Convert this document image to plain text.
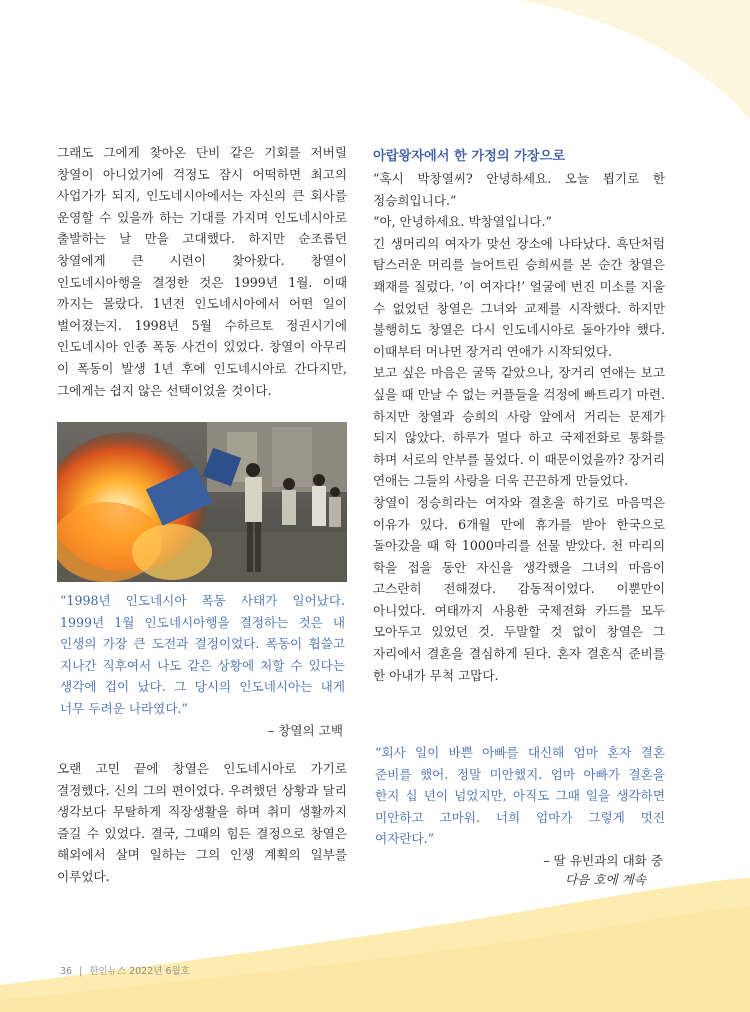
그래도 그에게 찾아온 단비 같은 기회를 저버릴 창열이 아니었기에 걱정도 잠시 어떡하면 최고의 사업가가 되지, 인도네시아에서는 자신의 큰 회사를 운영할 수 있을까 하는 기대를 가지며 인도네시아로 출발하는 날 만을 고대했다. 하지만 순조롭던 창열에게 큰 시련이 찾아왔다. 창열이 인도네시아행을 결정한 것은 1999년 1월. 이때 까지는 몰랐다. 1년전 인도네시아에서 어떤 일이 벌어졌는지. 1998년 5월 수하르토 정권시기에 인도네시아 인종 폭동 사건이 있었다. 창열이 아무리 이 폭동이 발생 1년 후에 인도네시아로 간다지만, 그에게는 쉽지 않은 선택이었을 것이다.

“1998년 인도네시아 폭동 사태가 일어났다. 1999년 1월 인도네시아행을 결정하는 것은 내 인생의 가장 큰 도전과 결정이었다. 폭동이 휩쓸고 지나간 직후여서 나도 같은 상황에 처할 수 있다는 생각에 겁이 났다. 그 당시의 인도네시아는 내게 너무 두려운 나라였다.”

– 창열의 고백

오랜 고민 끝에 창열은 인도네시아로 가기로 결정했다. 신의 그의 편이었다. 우려했던 상황과 달리 생각보다 무탈하게 직장생활을 하며 취미 생활까지 즐길 수 있었다. 결국, 그때의 힘든 결정으로 창열은 해외에서 살며 일하는 그의 인생 계획의 일부를 이루었다.

아랍왕자에서 한 가정의 가장으로

“혹시 박창열씨? 안녕하세요. 오늘 뵙기로 한 정승희입니다.”

“아, 안녕하세요. 박창열입니다.”

긴 생머리의 여자가 맞선 장소에 나타났다. 흑단처럼 탐스러운 머리를 늘어트린 승희씨를 본 순간 창열은 꽤재를 질렀다. ‘이 여자다!’ 얼굴에 번진 미소를 지울 수 없었던 창열은 그녀와 교제를 시작했다. 하지만 불행히도 창열은 다시 인도네시아로 돌아가야 했다. 이때부터 머나먼 장거리 연애가 시작되었다.

보고 싶은 마음은 굴뚝 같았으나, 장거리 연애는 보고 싶을 때 만날 수 없는 커플들을 걱정에 빠트리기 마련. 하지만 창열과 승희의 사랑 앞에서 거리는 문제가 되지 않았다. 하루가 멀다 하고 국제전화로 통화를 하며 서로의 안부를 물었다. 이 때문이었을까? 장거리 연애는 그들의 사랑을 더욱 끈끈하게 만들었다.

창열이 정승희라는 여자와 결혼을 하기로 마음먹은 이유가 있다. 6개월 만에 휴가를 받아 한국으로 돌아갔을 때 학 1000마리를 선물 받았다. 천 마리의 학을 접을 동안 자신을 생각했을 그녀의 마음이 고스란히 전해졌다. 감동적이었다. 이뿐만이 아니었다. 여태까지 사용한 국제전화 카드를 모두 모아두고 있었던 것. 두말할 것 없이 창열은 그 자리에서 결혼을 결심하게 된다. 혼자 결혼식 준비를 한 아내가 무척 고맙다.

“회사 일이 바쁜 아빠를 대신해 엄마 혼자 결혼 준비를 했어. 정말 미안했지. 엄마 아빠가 결혼을 한지 십 년이 넘었지만, 아직도 그때 일을 생각하면 미안하고 고마워. 너희 엄마가 그렇게 멋진 여자란다.”

– 딸 유빈과의 대화 중

다음 호에 계속
36 | 한인뉴스 2022년 6월호
